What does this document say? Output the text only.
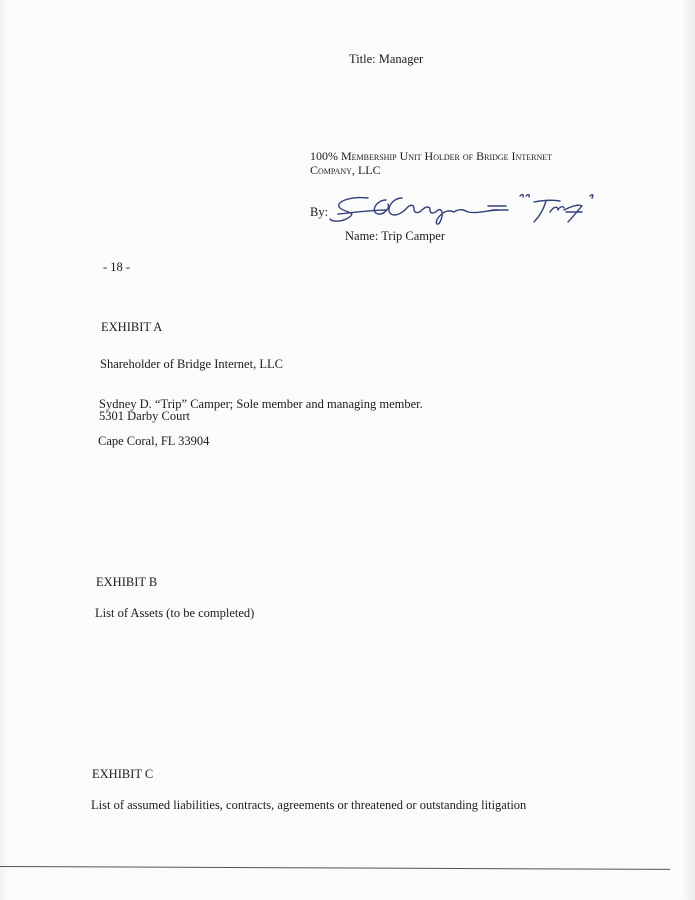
Title: Manager
100% Membership Unit Holder of Bridge Internet
Company, LLC
By:
Name: Trip Camper
- 18 -
EXHIBIT A
Shareholder of Bridge Internet, LLC
Sydney D. “Trip” Camper; Sole member and managing member.
5301 Darby Court
Cape Coral, FL 33904
EXHIBIT B
List of Assets (to be completed)
EXHIBIT C
List of assumed liabilities, contracts, agreements or threatened or outstanding litigation
